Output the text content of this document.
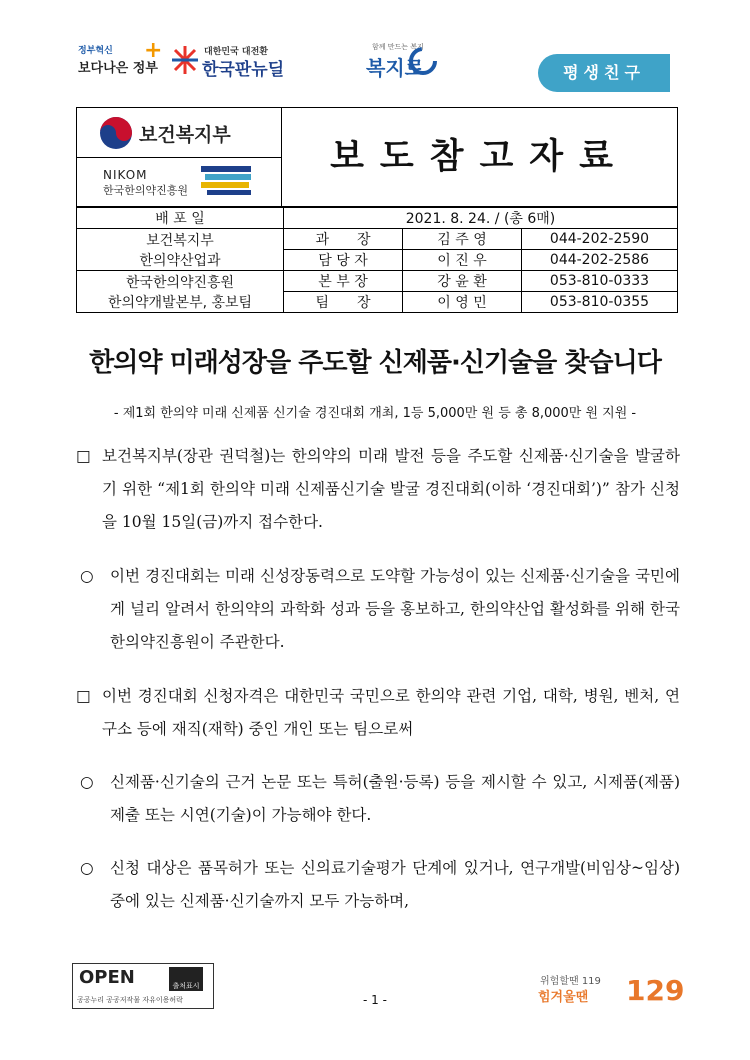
정부혁신
보다나은 정부
+	대한민국 대전환
한국판뉴딜
함께 만드는 복지
복지로	평생친구
보건복지부
NIKOM
한국한의약진흥원
보도참고자료
배 포 일	2021. 8. 24. / (총 6매)		

보건복지부
한의약산업과	과　　장	김 주 영	044-202-2590
	담 당 자	이 진 우	044-202-2586

한국한의약진흥원
한의약개발본부, 홍보팀	본 부 장	강 윤 환	053-810-0333
	팀　　장	이 영 민	053-810-0355
한의약 미래성장을 주도할 신제품·신기술을 찾습니다
- 제1회 한의약 미래 신제품 신기술 경진대회 개최, 1등 5,000만 원 등 총 8,000만 원 지원 -
□ 보건복지부(장관 권덕철)는 한의약의 미래 발전 등을 주도할 신제품·신기술을 발굴하기 위한 “제1회 한의약 미래 신제품신기술 발굴 경진대회(이하 ‘경진대회’)” 참가 신청을 10월 15일(금)까지 접수한다.
○ 이번 경진대회는 미래 신성장동력으로 도약할 가능성이 있는 신제품·신기술을 국민에게 널리 알려서 한의약의 과학화 성과 등을 홍보하고, 한의약산업 활성화를 위해 한국한의약진흥원이 주관한다.
□ 이번 경진대회 신청자격은 대한민국 국민으로 한의약 관련 기업, 대학, 병원, 벤처, 연구소 등에 재직(재학) 중인 개인 또는 팀으로써
○ 신제품·신기술의 근거 논문 또는 특허(출원·등록) 등을 제시할 수 있고, 시제품(제품) 제출 또는 시연(기술)이 가능해야 한다.
○ 신청 대상은 품목허가 또는 신의료기술평가 단계에 있거나, 연구개발(비임상~임상) 중에 있는 신제품·신기술까지 모두 가능하며,
OPEN	출처표시
공공누리 공공저작물 자유이용허락	- 1 -
위험할땐 119
힘겨울땐 129
